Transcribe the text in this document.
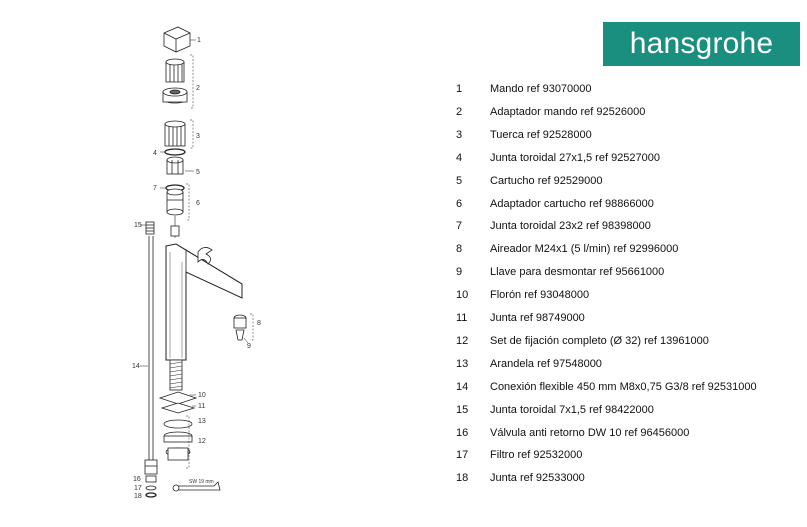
1
2
3
4
5
7
6
15
8
9
14
10
11
13
12
16
17
18
SW 19 mm
hansgrohe
1	Mando ref 93070000
2	Adaptador mando ref 92526000
3	Tuerca ref 92528000
4	Junta toroidal 27x1,5 ref 92527000
5	Cartucho ref 92529000
6	Adaptador cartucho ref 98866000
7	Junta toroidal 23x2 ref 98398000
8	Aireador M24x1 (5 l/min) ref 92996000
9	Llave para desmontar ref 95661000
10	Florón ref 93048000
11	Junta ref 98749000
12	Set de fijación completo (Ø 32) ref 13961000
13	Arandela ref 97548000
14	Conexión flexible 450 mm M8x0,75 G3/8 ref 92531000
15	Junta toroidal 7x1,5 ref 98422000
16	Válvula anti retorno DW 10 ref 96456000
17	Filtro ref 92532000
18	Junta ref 92533000
